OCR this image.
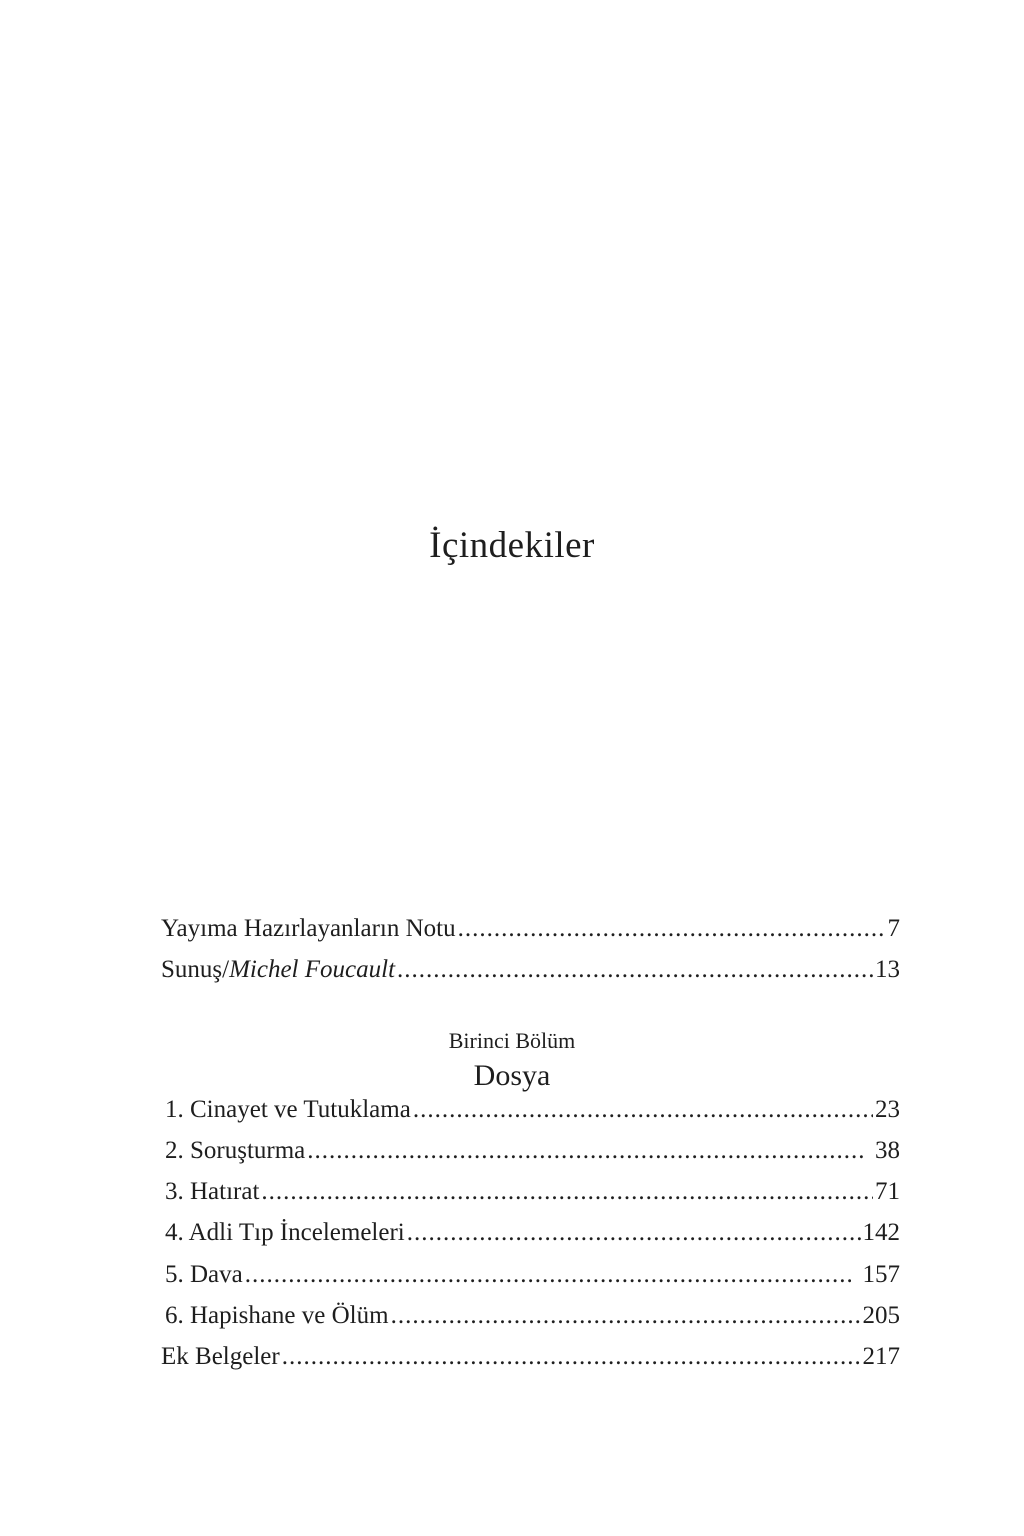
İçindekiler
Yayıma Hazırlayanların Notu .....	7
Sunuş/Michel Foucault .....	13
Birinci Bölüm
Dosya
1. Cinayet ve Tutuklama .....	23
2. Soruşturma .....	38
3. Hatırat .....	71
4. Adli Tıp İncelemeleri .....	142
5. Dava .....	157
6. Hapishane ve Ölüm .....	205
Ek Belgeler .....	217
